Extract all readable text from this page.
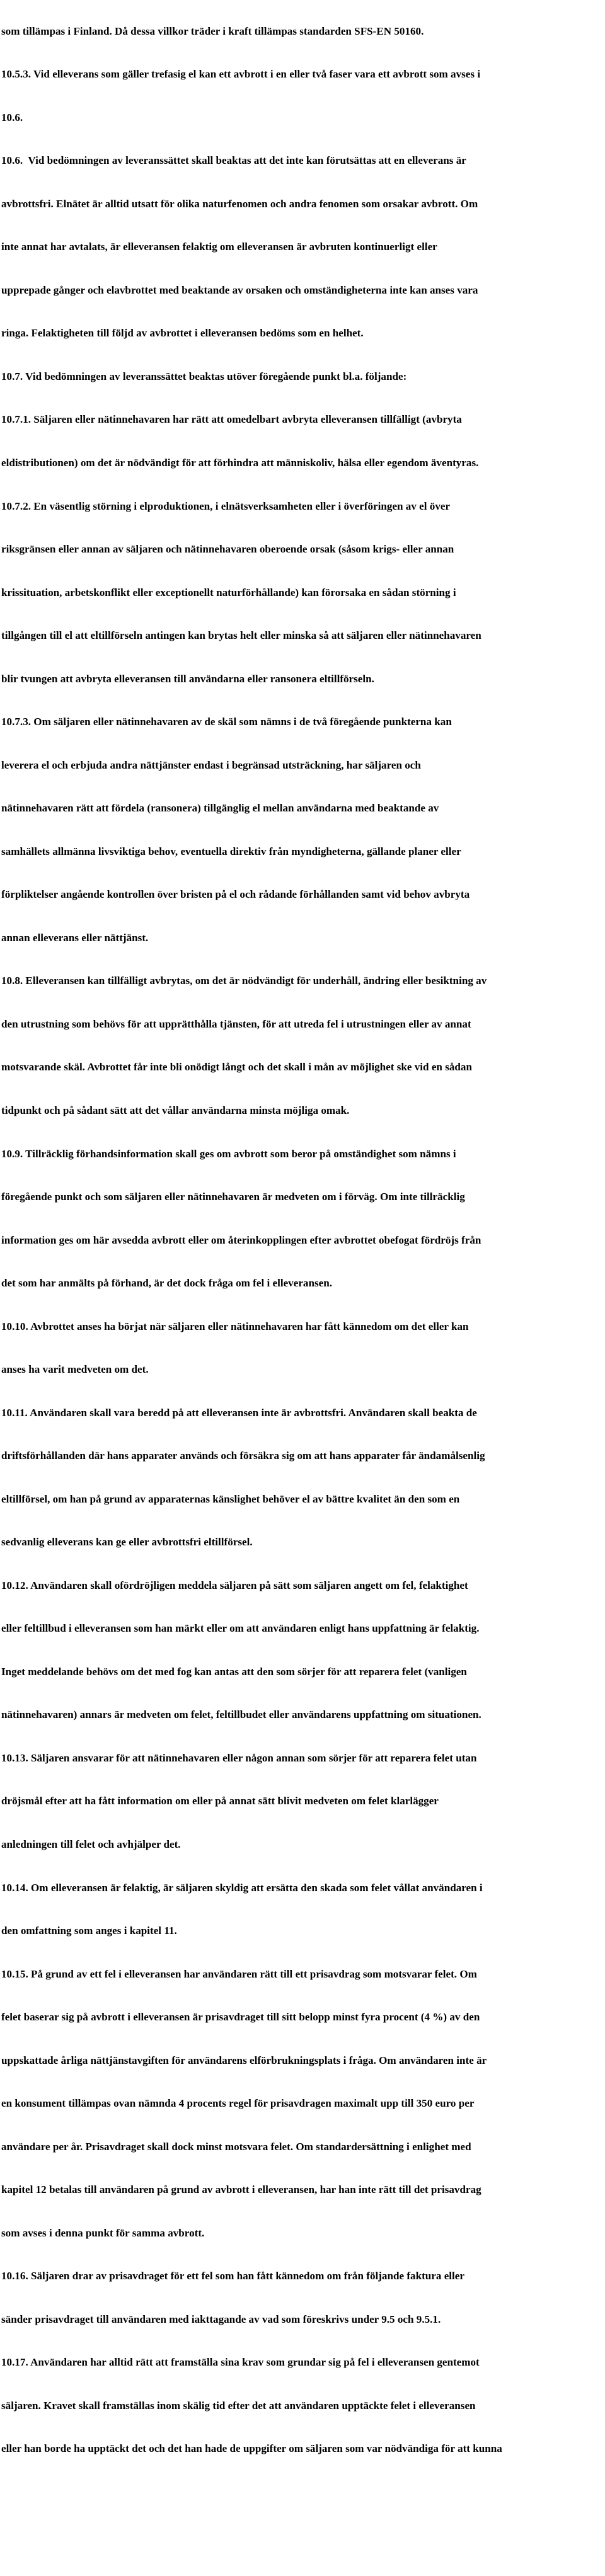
som tillämpas i Finland. Då dessa villkor träder i kraft tillämpas standarden SFS-EN 50160.

10.5.3. Vid elleverans som gäller trefasig el kan ett avbrott i en eller två faser vara ett avbrott som avses i

10.6.

10.6.  Vid bedömningen av leveranssättet skall beaktas att det inte kan förutsättas att en elleverans är

avbrottsfri. Elnätet är alltid utsatt för olika naturfenomen och andra fenomen som orsakar avbrott. Om

inte annat har avtalats, är elleveransen felaktig om elleveransen är avbruten kontinuerligt eller

upprepade gånger och elavbrottet med beaktande av orsaken och omständigheterna inte kan anses vara

ringa. Felaktigheten till följd av avbrottet i elleveransen bedöms som en helhet.

10.7. Vid bedömningen av leveranssättet beaktas utöver föregående punkt bl.a. följande:

10.7.1. Säljaren eller nätinnehavaren har rätt att omedelbart avbryta elleveransen tillfälligt (avbryta

eldistributionen) om det är nödvändigt för att förhindra att människoliv, hälsa eller egendom äventyras.

10.7.2. En väsentlig störning i elproduktionen, i elnätsverksamheten eller i överföringen av el över

riksgränsen eller annan av säljaren och nätinnehavaren oberoende orsak (såsom krigs- eller annan

krissituation, arbetskonflikt eller exceptionellt naturförhållande) kan förorsaka en sådan störning i

tillgången till el att eltillförseln antingen kan brytas helt eller minska så att säljaren eller nätinnehavaren

blir tvungen att avbryta elleveransen till användarna eller ransonera eltillförseln.

10.7.3. Om säljaren eller nätinnehavaren av de skäl som nämns i de två föregående punkterna kan

leverera el och erbjuda andra nättjänster endast i begränsad utsträckning, har säljaren och

nätinnehavaren rätt att fördela (ransonera) tillgänglig el mellan användarna med beaktande av

samhällets allmänna livsviktiga behov, eventuella direktiv från myndigheterna, gällande planer eller

förpliktelser angående kontrollen över bristen på el och rådande förhållanden samt vid behov avbryta

annan elleverans eller nättjänst.

10.8. Elleveransen kan tillfälligt avbrytas, om det är nödvändigt för underhåll, ändring eller besiktning av

den utrustning som behövs för att upprätthålla tjänsten, för att utreda fel i utrustningen eller av annat

motsvarande skäl. Avbrottet får inte bli onödigt långt och det skall i mån av möjlighet ske vid en sådan

tidpunkt och på sådant sätt att det vållar användarna minsta möjliga omak.

10.9. Tillräcklig förhandsinformation skall ges om avbrott som beror på omständighet som nämns i

föregående punkt och som säljaren eller nätinnehavaren är medveten om i förväg. Om inte tillräcklig

information ges om här avsedda avbrott eller om återinkopplingen efter avbrottet obefogat fördröjs från

det som har anmälts på förhand, är det dock fråga om fel i elleveransen.

10.10. Avbrottet anses ha börjat när säljaren eller nätinnehavaren har fått kännedom om det eller kan

anses ha varit medveten om det.

10.11. Användaren skall vara beredd på att elleveransen inte är avbrottsfri. Användaren skall beakta de

driftsförhållanden där hans apparater används och försäkra sig om att hans apparater får ändamålsenlig

eltillförsel, om han på grund av apparaternas känslighet behöver el av bättre kvalitet än den som en

sedvanlig elleverans kan ge eller avbrottsfri eltillförsel.

10.12. Användaren skall ofördröjligen meddela säljaren på sätt som säljaren angett om fel, felaktighet

eller feltillbud i elleveransen som han märkt eller om att användaren enligt hans uppfattning är felaktig.

Inget meddelande behövs om det med fog kan antas att den som sörjer för att reparera felet (vanligen

nätinnehavaren) annars är medveten om felet, feltillbudet eller användarens uppfattning om situationen.

10.13. Säljaren ansvarar för att nätinnehavaren eller någon annan som sörjer för att reparera felet utan

dröjsmål efter att ha fått information om eller på annat sätt blivit medveten om felet klarlägger

anledningen till felet och avhjälper det.

10.14. Om elleveransen är felaktig, är säljaren skyldig att ersätta den skada som felet vållat användaren i

den omfattning som anges i kapitel 11.

10.15. På grund av ett fel i elleveransen har användaren rätt till ett prisavdrag som motsvarar felet. Om

felet baserar sig på avbrott i elleveransen är prisavdraget till sitt belopp minst fyra procent (4 %) av den

uppskattade årliga nättjänstavgiften för användarens elförbrukningsplats i fråga. Om användaren inte är

en konsument tillämpas ovan nämnda 4 procents regel för prisavdragen maximalt upp till 350 euro per

användare per år. Prisavdraget skall dock minst motsvara felet. Om standardersättning i enlighet med

kapitel 12 betalas till användaren på grund av avbrott i elleveransen, har han inte rätt till det prisavdrag

som avses i denna punkt för samma avbrott.

10.16. Säljaren drar av prisavdraget för ett fel som han fått kännedom om från följande faktura eller

sänder prisavdraget till användaren med iakttagande av vad som föreskrivs under 9.5 och 9.5.1.

10.17. Användaren har alltid rätt att framställa sina krav som grundar sig på fel i elleveransen gentemot

säljaren. Kravet skall framställas inom skälig tid efter det att användaren upptäckte felet i elleveransen

eller han borde ha upptäckt det och det han hade de uppgifter om säljaren som var nödvändiga för att kunna
